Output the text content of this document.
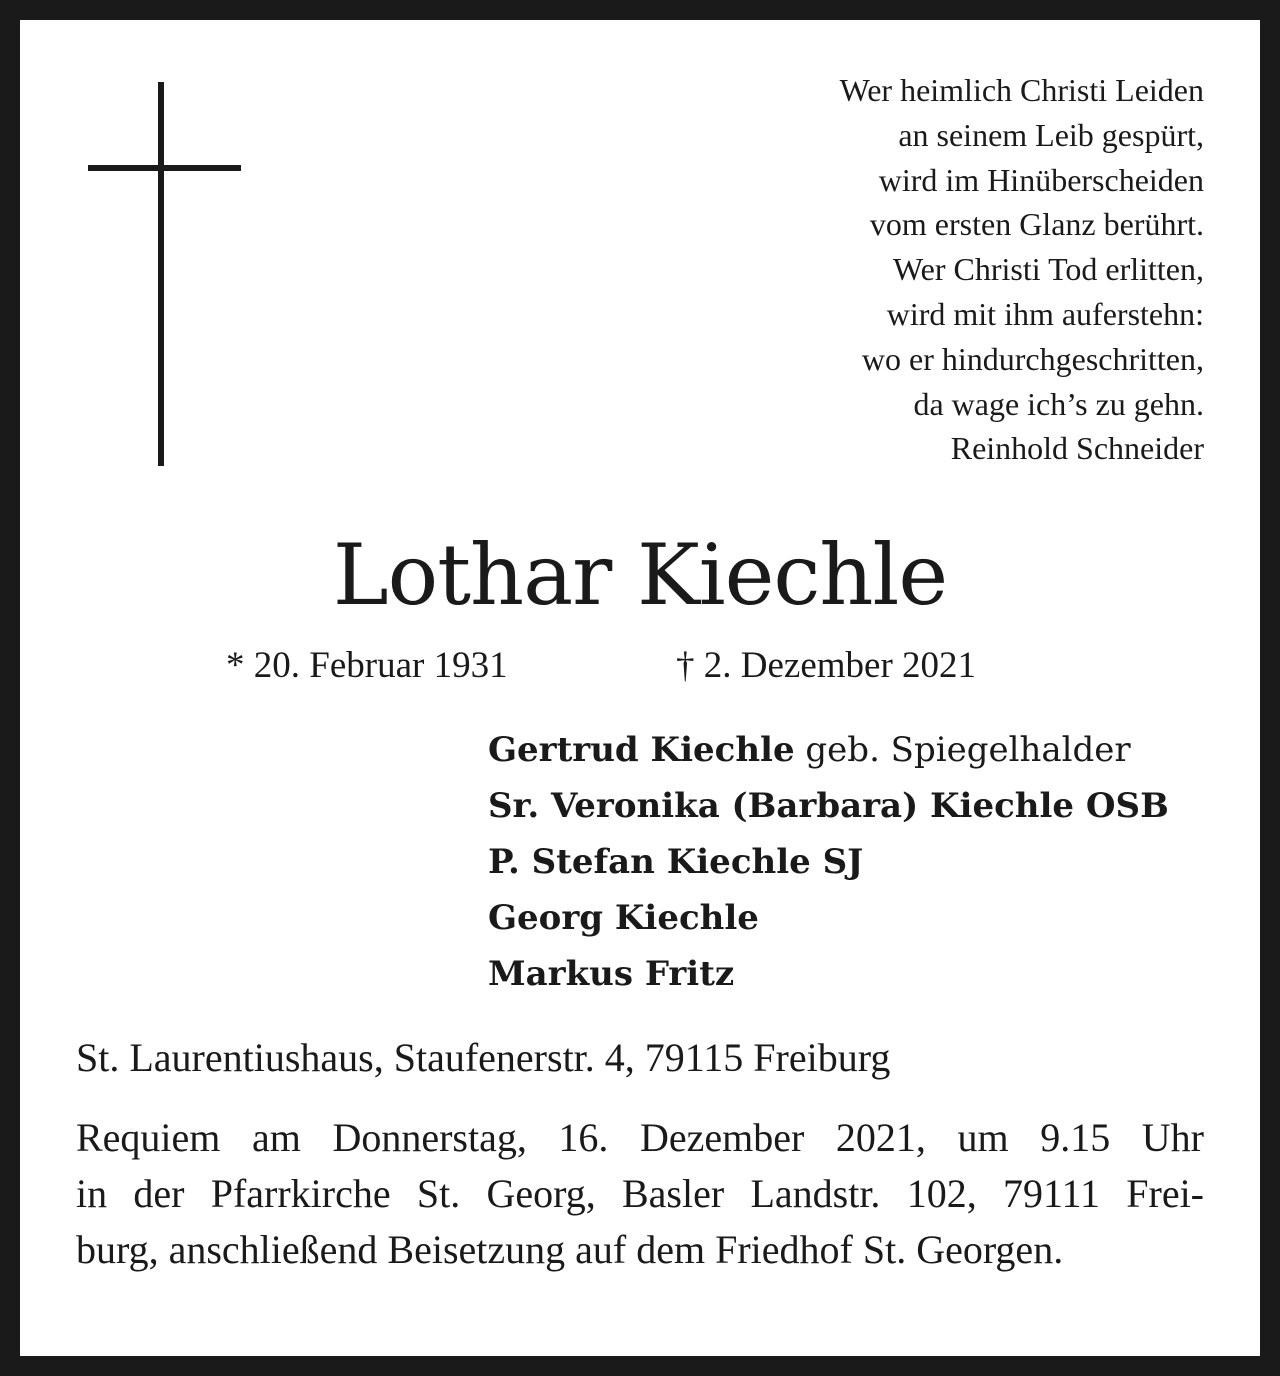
Wer heimlich Christi Leiden
an seinem Leib gespürt,
wird im Hinüberscheiden
vom ersten Glanz berührt.
Wer Christi Tod erlitten,
wird mit ihm auferstehn:
wo er hindurchgeschritten,
da wage ich’s zu gehn.
Reinhold Schneider
Lothar Kiechle
* 20. Februar 1931	† 2. Dezember 2021
Gertrud Kiechle geb. Spiegelhalder
Sr. Veronika (Barbara) Kiechle OSB
P. Stefan Kiechle SJ
Georg Kiechle
Markus Fritz
St. Laurentiushaus, Staufenerstr. 4, 79115 Freiburg
Requiem am Donnerstag, 16. Dezember 2021, um 9.15 Uhr
in der Pfarrkirche St. Georg, Basler Landstr. 102, 79111 Frei-
burg, anschließend Beisetzung auf dem Friedhof St. Georgen.
